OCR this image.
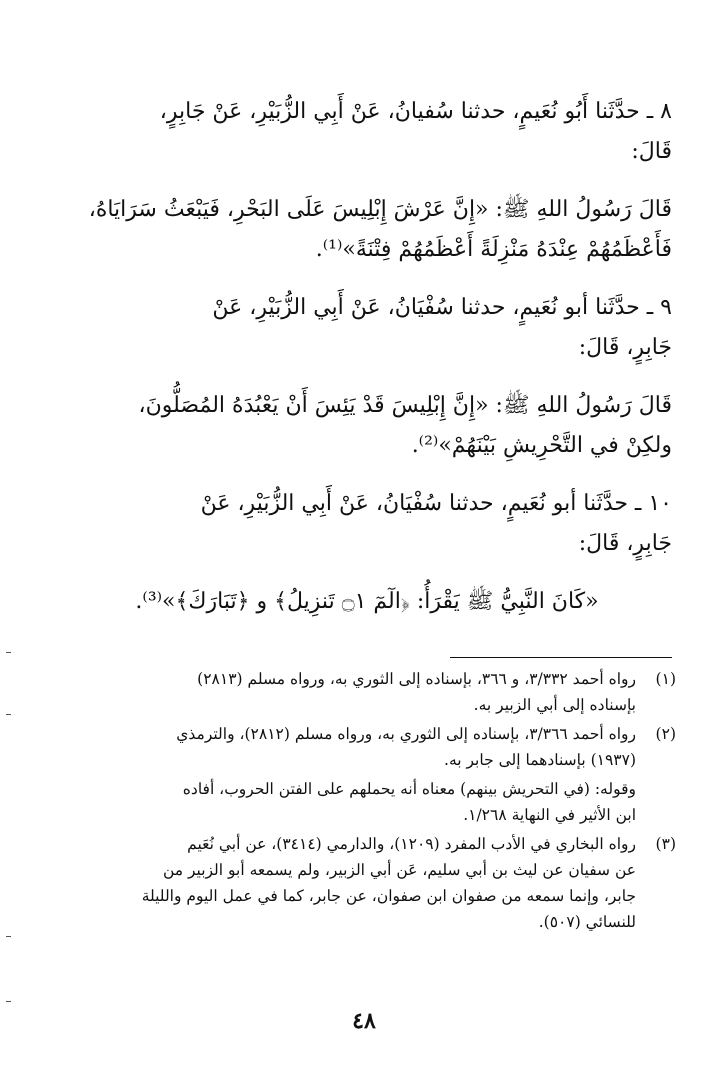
٨ ـ حدَّثَنا أَبُو نُعَيمٍ، حدثنا سُفيانُ، عَنْ أَبِي الزُّبَيْرِ، عَنْ جَابِرٍ،
قَالَ:
قَالَ رَسُولُ اللهِ ﷺ: «إِنَّ عَرْشَ إِبْلِيسَ عَلَى البَحْرِ، فَيَبْعَثُ سَرَايَاهُ،
فَأَعْظَمُهُمْ عِنْدَهُ مَنْزِلَةً أَعْظَمُهُمْ فِتْنَةً»⁽¹⁾.
٩ ـ حدَّثَنا أبو نُعَيمٍ، حدثنا سُفْيَانُ، عَنْ أَبِي الزُّبَيْرِ، عَنْ
جَابِرٍ، قَالَ:
قَالَ رَسُولُ اللهِ ﷺ: «إِنَّ إِبْلِيسَ قَدْ يَئِسَ أَنْ يَعْبُدَهُ المُصَلُّونَ،
ولكِنْ في التَّحْرِيشِ بَيْنَهُمْ»⁽²⁾.
١٠ ـ حدَّثَنا أبو نُعَيمٍ، حدثنا سُفْيَانُ، عَنْ أَبِي الزُّبَيْرِ، عَنْ
جَابِرٍ، قَالَ:
«كَانَ النَّبِيُّ ﷺ يَقْرَأُ: ﴿الٓمٓ ۝١ تَنزِيلُ﴾ و ﴿تَبَارَكَ﴾»⁽³⁾.
(١)
رواه أحمد ٣/٣٣٢، و ٣٦٦، بإسناده إلى الثوري به، ورواه مسلم (٢٨١٣)
بإسناده إلى أبي الزبير به.
(٢)
رواه أحمد ٣/٣٦٦، بإسناده إلى الثوري به، ورواه مسلم (٢٨١٢)، والترمذي
(١٩٣٧) بإسنادهما إلى جابر به.
وقوله: (في التحريش بينهم) معناه أنه يحملهم على الفتن الحروب، أفاده
ابن الأثير في النهاية ١/٢٦٨.
(٣)
رواه البخاري في الأدب المفرد (١٢٠٩)، والدارمي (٣٤١٤)، عن أبي نُعَيم
عن سفيان عن ليث بن أبي سليم، عَن أبي الزبير، ولم يسمعه أبو الزبير من
جابر، وإنما سمعه من صفوان ابن صفوان، عن جابر، كما في عمل اليوم والليلة
للنسائي (٥٠٧).
٤٨
